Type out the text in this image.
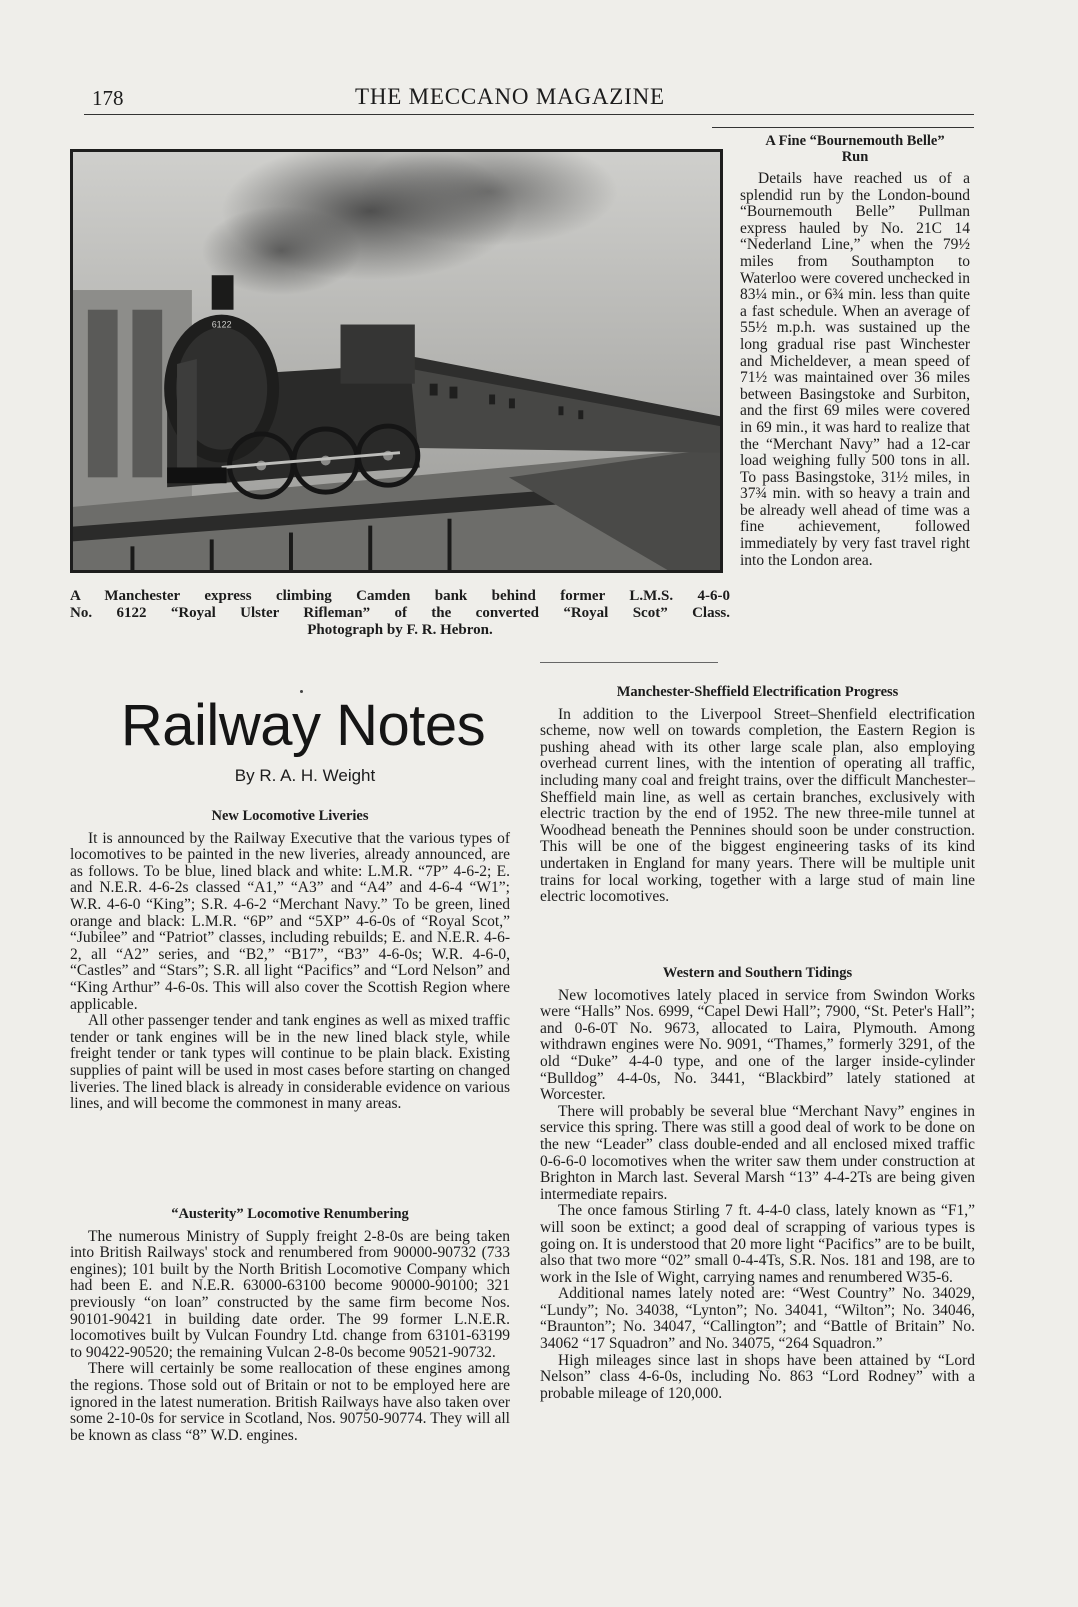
178	THE MECCANO MAGAZINE
6122
A Manchester express climbing Camden bank behind former L.M.S. 4-6-0
No. 6122 “Royal Ulster Rifleman” of the converted “Royal Scot” Class.
Photograph by F. R. Hebron.
A Fine “Bournemouth Belle” Run

Details have reached us of a splendid run by the London-bound “Bournemouth Belle” Pullman express hauled by No. 21C 14 “Nederland Line,” when the 79½ miles from Southampton to Waterloo were covered unchecked in 83¼ min., or 6¾ min. less than quite a fast schedule. When an average of 55½ m.p.h. was sustained up the long gradual rise past Winchester and Micheldever, a mean speed of 71½ was maintained over 36 miles between Basingstoke and Surbiton, and the first 69 miles were covered in 69 min., it was hard to realize that the “Merchant Navy” had a 12-car load weighing fully 500 tons in all. To pass Basingstoke, 31½ miles, in 37¾ min. with so heavy a train and be already well ahead of time was a fine achievement, followed immediately by very fast travel right into the London area.

Manchester-Sheffield Electrification Progress

In addition to the Liverpool Street–Shenfield electrification scheme, now well on towards completion, the Eastern Region is pushing ahead with its other large scale plan, also employing overhead current lines, with the intention of operating all traffic, including many coal and freight trains, over the difficult Manchester–Sheffield main line, as well as certain branches, exclusively with electric traction by the end of 1952. The new three-mile tunnel at Woodhead beneath the Pennines should soon be under construction. This will be one of the biggest engineering tasks of its kind undertaken in England for many years. There will be multiple unit trains for local working, together with a large stud of main line electric locomotives.

Western and Southern Tidings

New locomotives lately placed in service from Swindon Works were “Halls” Nos. 6999, “Capel Dewi Hall”; 7900, “St. Peter's Hall”; and 0-6-0T No. 9673, allocated to Laira, Plymouth. Among withdrawn engines were No. 9091, “Thames,” formerly 3291, of the old “Duke” 4-4-0 type, and one of the larger inside-cylinder “Bulldog” 4-4-0s, No. 3441, “Blackbird” lately stationed at Worcester.

There will probably be several blue “Merchant Navy” engines in service this spring. There was still a good deal of work to be done on the new “Leader” class double-ended and all enclosed mixed traffic 0-6-6-0 locomotives when the writer saw them under construction at Brighton in March last. Several Marsh “13” 4-4-2Ts are being given intermediate repairs.

The once famous Stirling 7 ft. 4-4-0 class, lately known as “F1,” will soon be extinct; a good deal of scrapping of various types is going on. It is understood that 20 more light “Pacifics” are to be built, also that two more “02” small 0-4-4Ts, S.R. Nos. 181 and 198, are to work in the Isle of Wight, carrying names and renumbered W35-6.

Additional names lately noted are: “West Country” No. 34029, “Lundy”; No. 34038, “Lynton”; No. 34041, “Wilton”; No. 34046, “Braunton”; No. 34047, “Callington”; and “Battle of Britain” No. 34062 “17 Squadron” and No. 34075, “264 Squadron.”

High mileages since last in shops have been attained by “Lord Nelson” class 4-6-0s, including No. 863 “Lord Rodney” with a probable mileage of 120,000.

Railway Notes
By R. A. H. Weight
New Locomotive Liveries

It is announced by the Railway Executive that the various types of locomotives to be painted in the new liveries, already announced, are as follows. To be blue, lined black and white: L.M.R. “7P” 4-6-2; E. and N.E.R. 4-6-2s classed “A1,” “A3” and “A4” and 4-6-4 “W1”; W.R. 4-6-0 “King”; S.R. 4-6-2 “Merchant Navy.” To be green, lined orange and black: L.M.R. “6P” and “5XP” 4-6-0s of “Royal Scot,” “Jubilee” and “Patriot” classes, including rebuilds; E. and N.E.R. 4-6-2, all “A2” series, and “B2,” “B17”, “B3” 4-6-0s; W.R. 4-6-0, “Castles” and “Stars”; S.R. all light “Pacifics” and “Lord Nelson” and “King Arthur” 4-6-0s. This will also cover the Scottish Region where applicable.

All other passenger tender and tank engines as well as mixed traffic tender or tank engines will be in the new lined black style, while freight tender or tank types will continue to be plain black. Existing supplies of paint will be used in most cases before starting on changed liveries. The lined black is already in considerable evidence on various lines, and will become the commonest in many areas.

“Austerity” Locomotive Renumbering

The numerous Ministry of Supply freight 2-8-0s are being taken into British Railways' stock and renumbered from 90000-90732 (733 engines); 101 built by the North British Locomotive Company which had been E. and N.E.R. 63000-63100 become 90000-90100; 321 previously “on loan” constructed by the same firm become Nos. 90101-90421 in building date order. The 99 former L.N.E.R. locomotives built by Vulcan Foundry Ltd. change from 63101-63199 to 90422-90520; the remaining Vulcan 2-8-0s become 90521-90732.

There will certainly be some reallocation of these engines among the regions. Those sold out of Britain or not to be employed here are ignored in the latest numeration. British Railways have also taken over some 2-10-0s for service in Scotland, Nos. 90750-90774. They will all be known as class “8” W.D. engines.
